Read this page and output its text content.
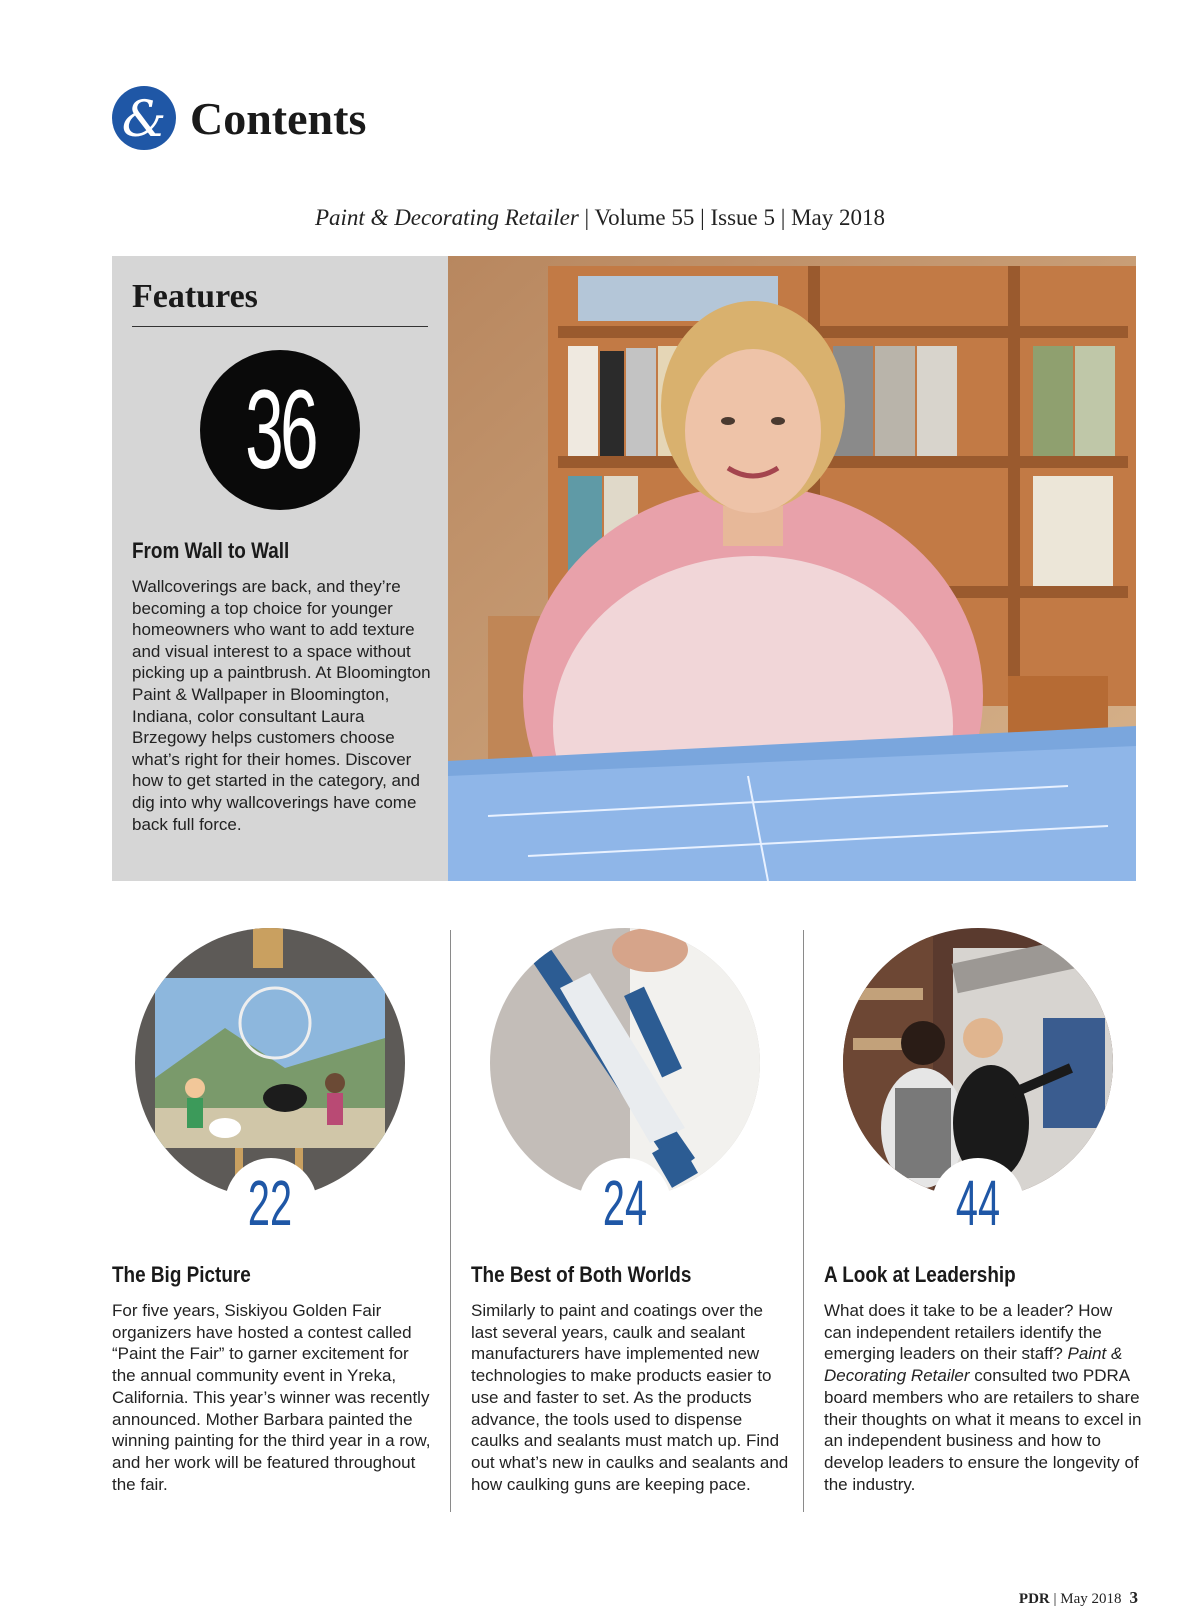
& Contents
Paint & Decorating Retailer | Volume 55 | Issue 5 | May 2018
Features
36
From Wall to Wall

Wallcoverings are back, and they’re becoming a top choice for younger homeowners who want to add texture and visual interest to a space without picking up a paintbrush. At Bloomington Paint & Wallpaper in Bloomington, Indiana, color consultant Laura Brzegowy helps customers choose what’s right for their homes. Discover how to get started in the category, and dig into why wallcoverings have come back full force.

22
The Big Picture

For five years, Siskiyou Golden Fair organizers have hosted a contest called “Paint the Fair” to garner excitement for the annual community event in Yreka, California. This year’s winner was recently announced. Mother Barbara painted the winning painting for the third year in a row, and her work will be featured throughout the fair.

24
The Best of Both Worlds

Similarly to paint and coatings over the last several years, caulk and sealant manufacturers have implemented new technologies to make products easier to use and faster to set. As the products advance, the tools used to dispense caulks and sealants must match up. Find out what’s new in caulks and sealants and how caulking guns are keeping pace.

44
A Look at Leadership

What does it take to be a leader? How can independent retailers identify the emerging leaders on their staff? Paint & Decorating Retailer consulted two PDRA board members who are retailers to share their thoughts on what it means to excel in an independent business and how to develop leaders to ensure the longevity of the industry.

PDR | May 2018 3
